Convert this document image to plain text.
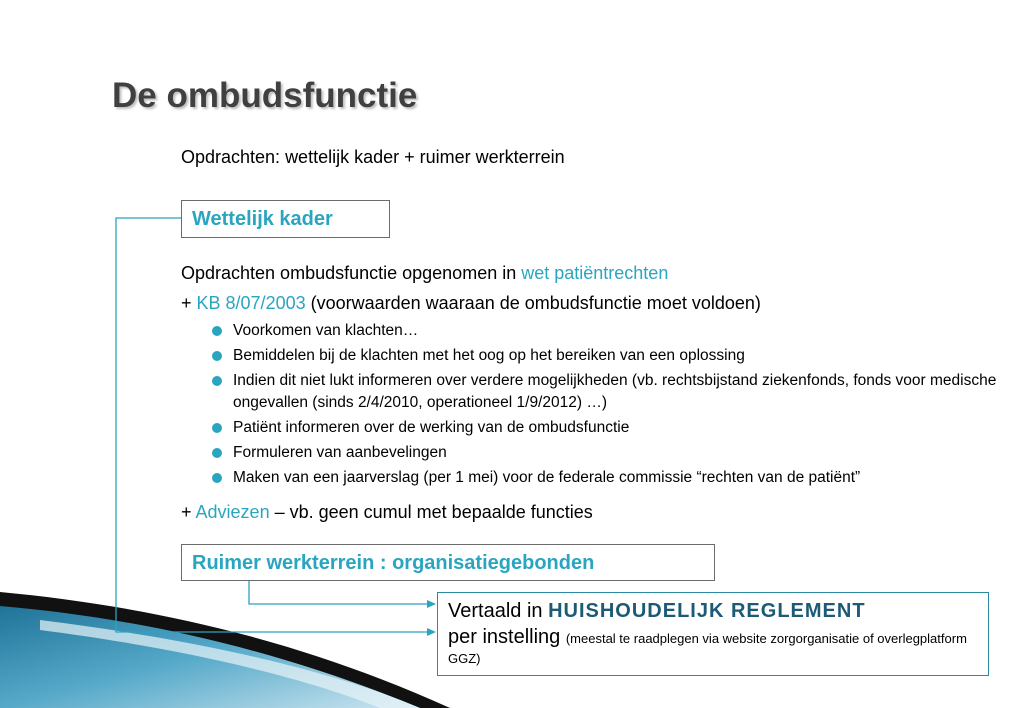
De ombudsfunctie
Opdrachten: wettelijk kader + ruimer werkterrein
Wettelijk kader
Opdrachten ombudsfunctie opgenomen in wet patiëntrechten
+ KB 8/07/2003 (voorwaarden waaraan de ombudsfunctie moet voldoen)
Voorkomen van klachten…
Bemiddelen bij de klachten met het oog op het bereiken van een oplossing
Indien dit niet lukt informeren over verdere mogelijkheden (vb. rechtsbijstand ziekenfonds, fonds voor medische ongevallen (sinds 2/4/2010, operationeel 1/9/2012) …)
Patiënt informeren over de werking van de ombudsfunctie
Formuleren van aanbevelingen
Maken van een jaarverslag (per 1 mei) voor de federale commissie “rechten van de patiënt”
+ Adviezen – vb. geen cumul met bepaalde functies
Ruimer werkterrein : organisatiegebonden
Vertaald in HUISHOUDELIJK REGLEMENT
per instelling (meestal te raadplegen via website zorgorganisatie of overlegplatform GGZ)
